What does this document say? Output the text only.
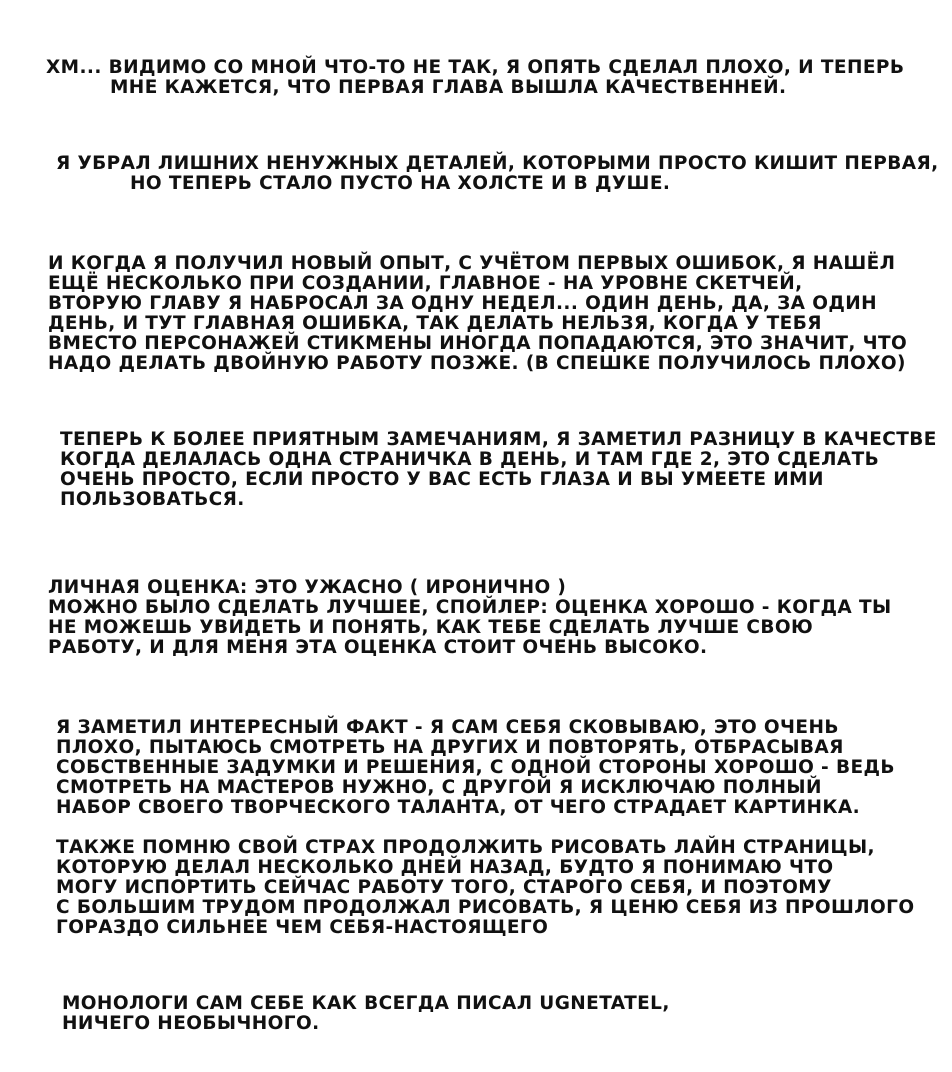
ХМ... ВИДИМО СО МНОЙ ЧТО-ТО НЕ ТАК, Я ОПЯТЬ СДЕЛАЛ ПЛОХО, И ТЕПЕРЬ
МНЕ КАЖЕТСЯ, ЧТО ПЕРВАЯ ГЛАВА ВЫШЛА КАЧЕСТВЕННЕЙ.

Я УБРАЛ ЛИШНИХ НЕНУЖНЫХ ДЕТАЛЕЙ, КОТОРЫМИ ПРОСТО КИШИТ ПЕРВАЯ,
НО ТЕПЕРЬ СТАЛО ПУСТО НА ХОЛСТЕ И В ДУШЕ.

И КОГДА Я ПОЛУЧИЛ НОВЫЙ ОПЫТ, С УЧЁТОМ ПЕРВЫХ ОШИБОК, Я НАШЁЛ
ЕЩЁ НЕСКОЛЬКО ПРИ СОЗДАНИИ, ГЛАВНОЕ - НА УРОВНЕ СКЕТЧЕЙ,
ВТОРУЮ ГЛАВУ Я НАБРОСАЛ ЗА ОДНУ НЕДЕЛ... ОДИН ДЕНЬ, ДА, ЗА ОДИН
ДЕНЬ, И ТУТ ГЛАВНАЯ ОШИБКА, ТАК ДЕЛАТЬ НЕЛЬЗЯ, КОГДА У ТЕБЯ
ВМЕСТО ПЕРСОНАЖЕЙ СТИКМЕНЫ ИНОГДА ПОПАДАЮТСЯ, ЭТО ЗНАЧИТ, ЧТО
НАДО ДЕЛАТЬ ДВОЙНУЮ РАБОТУ ПОЗЖЕ. (В СПЕШКЕ ПОЛУЧИЛОСЬ ПЛОХО)

ТЕПЕРЬ К БОЛЕЕ ПРИЯТНЫМ ЗАМЕЧАНИЯМ, Я ЗАМЕТИЛ РАЗНИЦУ В КАЧЕСТВЕ
КОГДА ДЕЛАЛАСЬ ОДНА СТРАНИЧКА В ДЕНЬ, И ТАМ ГДЕ 2, ЭТО СДЕЛАТЬ
ОЧЕНЬ ПРОСТО, ЕСЛИ ПРОСТО У ВАС ЕСТЬ ГЛАЗА И ВЫ УМЕЕТЕ ИМИ
ПОЛЬЗОВАТЬСЯ.

ЛИЧНАЯ ОЦЕНКА: ЭТО УЖАСНО ( ИРОНИЧНО )
МОЖНО БЫЛО СДЕЛАТЬ ЛУЧШЕЕ, СПОЙЛЕР: ОЦЕНКА ХОРОШО - КОГДА ТЫ
НЕ МОЖЕШЬ УВИДЕТЬ И ПОНЯТЬ, КАК ТЕБЕ СДЕЛАТЬ ЛУЧШЕ СВОЮ
РАБОТУ, И ДЛЯ МЕНЯ ЭТА ОЦЕНКА СТОИТ ОЧЕНЬ ВЫСОКО.

Я ЗАМЕТИЛ ИНТЕРЕСНЫЙ ФАКТ - Я САМ СЕБЯ СКОВЫВАЮ, ЭТО ОЧЕНЬ
ПЛОХО, ПЫТАЮСЬ СМОТРЕТЬ НА ДРУГИХ И ПОВТОРЯТЬ, ОТБРАСЫВАЯ
СОБСТВЕННЫЕ ЗАДУМКИ И РЕШЕНИЯ, С ОДНОЙ СТОРОНЫ ХОРОШО - ВЕДЬ
СМОТРЕТЬ НА МАСТЕРОВ НУЖНО, С ДРУГОЙ Я ИСКЛЮЧАЮ ПОЛНЫЙ
НАБОР СВОЕГО ТВОРЧЕСКОГО ТАЛАНТА, ОТ ЧЕГО СТРАДАЕТ КАРТИНКА.

ТАКЖЕ ПОМНЮ СВОЙ СТРАХ ПРОДОЛЖИТЬ РИСОВАТЬ ЛАЙН СТРАНИЦЫ,
КОТОРУЮ ДЕЛАЛ НЕСКОЛЬКО ДНЕЙ НАЗАД, БУДТО Я ПОНИМАЮ ЧТО
МОГУ ИСПОРТИТЬ СЕЙЧАС РАБОТУ ТОГО, СТАРОГО СЕБЯ, И ПОЭТОМУ
С БОЛЬШИМ ТРУДОМ ПРОДОЛЖАЛ РИСОВАТЬ, Я ЦЕНЮ СЕБЯ ИЗ ПРОШЛОГО
ГОРАЗДО СИЛЬНЕЕ ЧЕМ СЕБЯ-НАСТОЯЩЕГО

МОНОЛОГИ САМ СЕБЕ КАК ВСЕГДА ПИСАЛ UGNETATEL,
НИЧЕГО НЕОБЫЧНОГО.
